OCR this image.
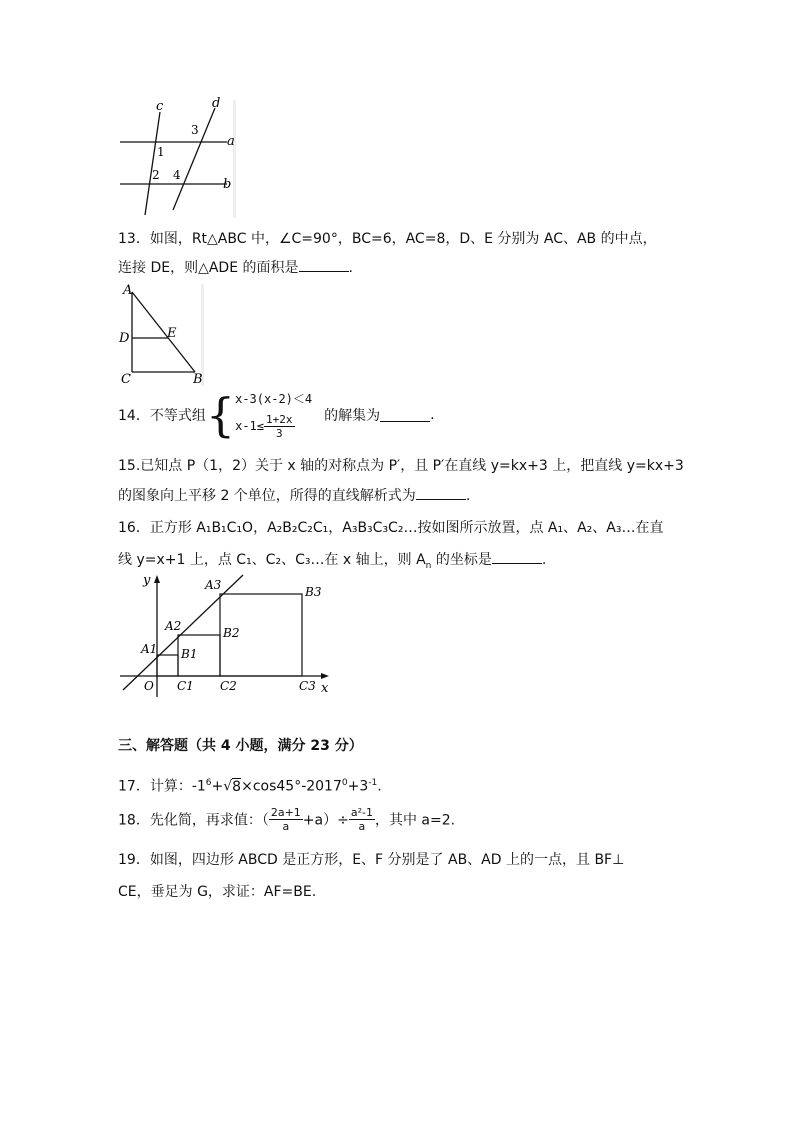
c	d
a
b
1
2
3
4
13．如图，Rt△ABC 中，∠C=90°，BC=6，AC=8，D、E 分别为 AC、AB 的中点，
连接 DE，则△ADE 的面积是	.
A
D	E
C	B
14．不等式组{ x-3(x-2)＜4
$x-1\le \frac{1+2x}{3}$ 的解集为	.
15.已知点 P（1，2）关于 x 轴的对称点为 P′，且 P′在直线 y=kx+3 上，把直线 y=kx+3
的图象向上平移 2 个单位，所得的直线解析式为	.
16．正方形 A₁B₁C₁O，A₂B₂C₂C₁，A₃B₃C₃C₂…按如图所示放置，点 A₁、A₂、A₃…在直
线 y=x+1 上，点 C₁、C₂、C₃…在 x 轴上，则 $A_n$ 的坐标是	.
y	A3	B3
A2	B2
A1 B1
O C1 C2	C3 x
三、解答题（共 4 小题，满分 23 分）
17．计算：$-1^6+√8\times\cos 45^\circ-2017^0+3^{-1}$.
18．先化简，再求值：（ $\frac{2a+1}{a} +a)\div \frac{\text{a²-1}}{a}$ ，其中 a=2.
19．如图，四边形 ABCD 是正方形，E、F 分别是了 AB、AD 上的一点，且 BF⊥
CE，垂足为 G，求证：AF=BE.
